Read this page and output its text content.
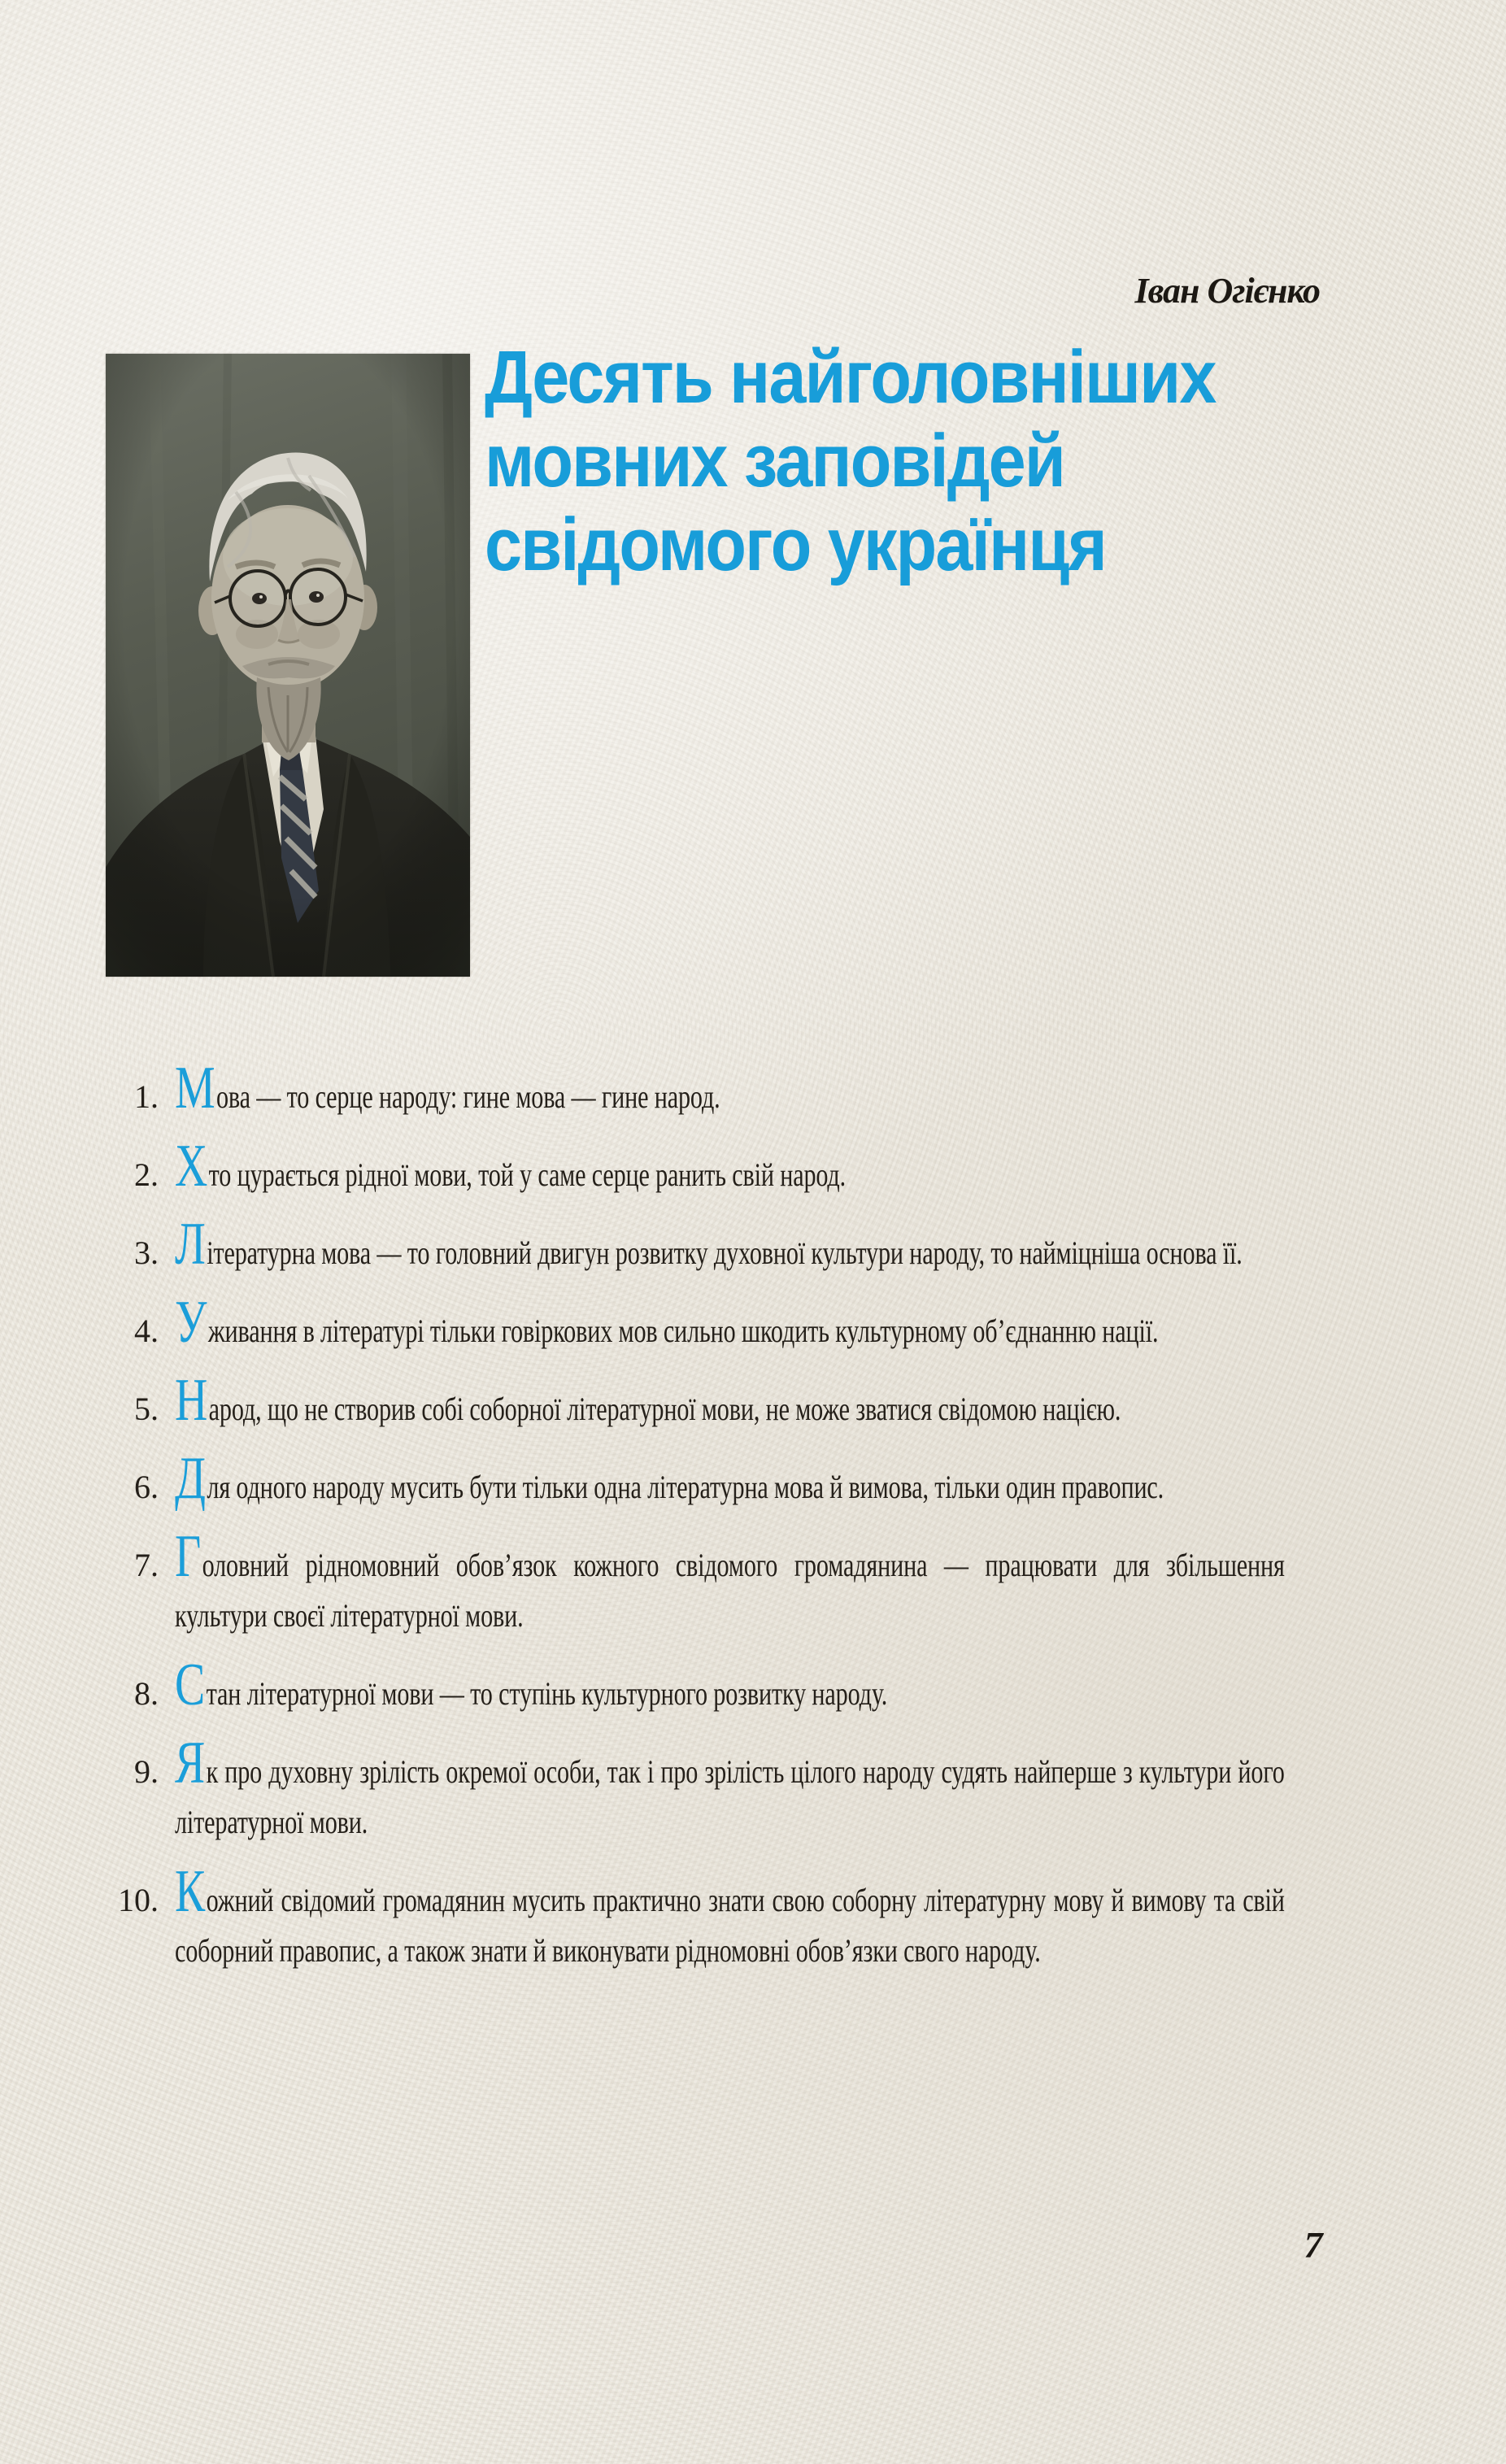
Іван Огієнко
Десять найголовніших
мовних заповідей
свідомого українця
1. Мова — то серце народу: гине мова — гине народ.

2. Хто цурається рідної мови, той у саме серце ранить свій народ.

3. Літературна мова — то головний двигун розвитку духовної культури народу, то найміцніша основа її.

4. Уживання в літературі тільки говіркових мов сильно шкодить культурному об’єднанню нації.

5. Народ, що не створив собі соборної літературної мови, не може зватися свідомою нацією.

6. Для одного народу мусить бути тільки одна літературна мова й вимова, тільки один правопис.

7. Головний рідномовний обов’язок кожного свідомого громадянина — працювати для збільшення культури своєї літературної мови.

8. Стан літературної мови — то ступінь культурного розвитку народу.

9. Як про духовну зрілість окремої особи, так і про зрілість цілого народу судять найперше з культури його літературної мови.

10. Кожний свідомий громадянин мусить практично знати свою соборну літературну мову й вимову та свій соборний правопис, а також знати й виконувати рідномовні обов’язки свого народу.

7
